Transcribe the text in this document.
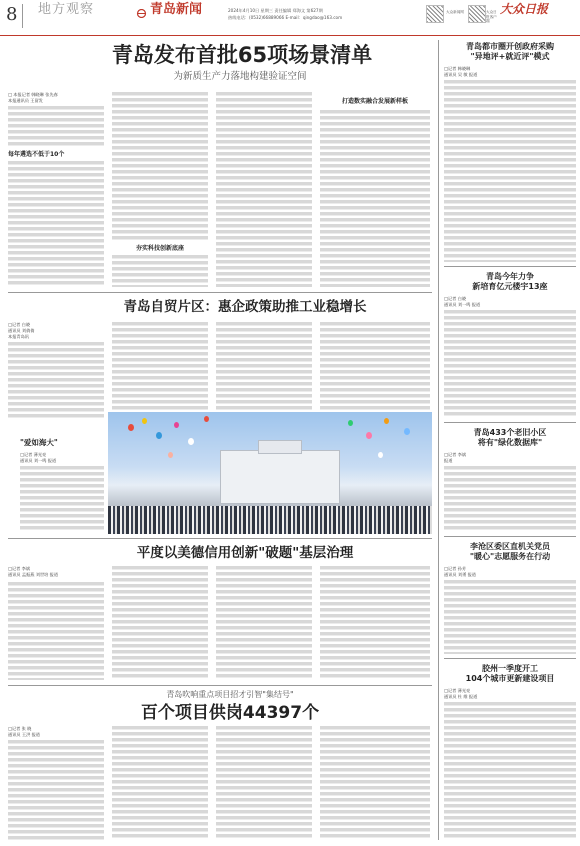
8 地方观察	青岛新闻	2024年4月10日 星期三 责任编辑 郑海文 第627期
热线电话：(0532)66889066 E-mail：qingdao@163.com
大众新闻网	大众日报客户端
大众日报
青岛发布首批65项场景清单
为新质生产力落地构建验证空间
□ 本报记者 韩晓琳 张先春
本报通讯员 王留发
每年遴选不低于10个
夯实科技创新底座
打造数实融合发展新样板
青岛自贸片区：惠企政策助推工业稳增长
□记者 白晓
通讯员 刘倩倩
本报青岛讯
"爱如海大"
□记者 薄光亮
通讯员 刘一鸣 报道
平度以美德信用创新"破题"基层治理
□记者 李斌
通讯员 孟振燕 刘世培 报道
青岛吹响重点项目招才引智"集结号"
百个项目供岗44397个
□记者 张 晓
通讯员 王洪 报道
青岛都市圈开创政府采购
"异地评+就近评"模式
□记者 韩晓琳
通讯员 吴 敏 报道
青岛今年力争
新培育亿元楼宇13座
□记者 白晓
通讯员 刘一鸣 报道
青岛433个老旧小区
将有"绿化数据库"
□记者 李斌
报道
李沧区委区直机关党员
"暖心"志愿服务在行动
□记者 孙芳
通讯员 刘勇 报道
胶州一季度开工
104个城市更新建设项目
□记者 薄光亮
通讯员 杜 维 报道
